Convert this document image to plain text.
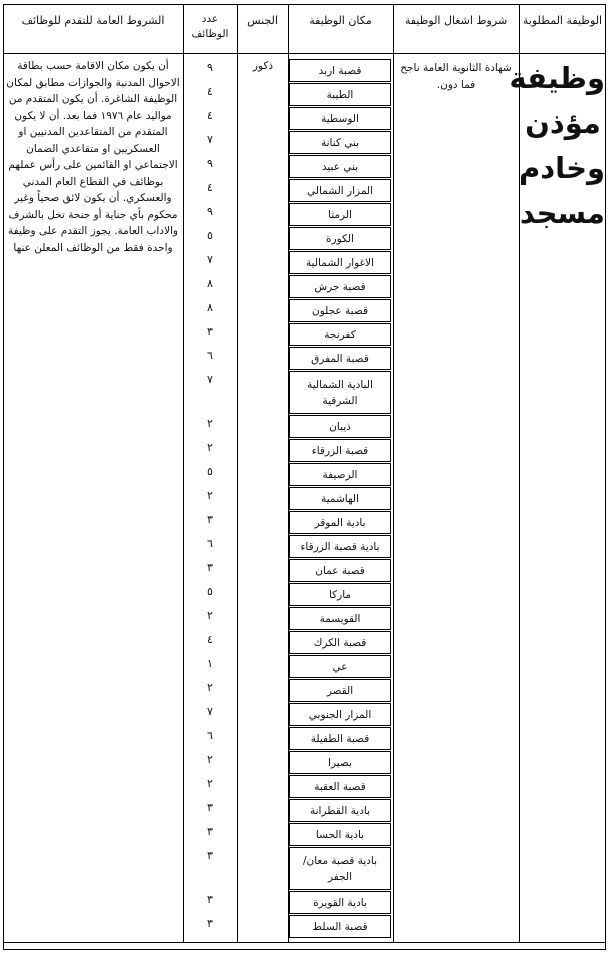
الوظيفة المطلوبة
شروط اشغال الوظيفة
مكان الوظيفة
الجنس
عدد الوظائف
الشروط العامة للتقدم للوظائف
وظيفة مؤذن وخادم مسجد
شهادة الثانوية العامة ناجح فما دون.
ذكور
أن يكون مكان الاقامة حسب بطاقة الاحوال المدنية والجوازات مطابق لمكان الوظيفة الشاغرة. أن يكون المتقدم من مواليد عام ١٩٧٦ فما بعد. أن لا يكون المتقدم من المتقاعدين المدنيين او العسكريين او متقاعدي الضمان الاجتماعي او القائمين على رأس عملهم بوظائف في القطاع العام المدني والعسكري. أن يكون لائق صحياً وغير محكوم بأي جناية أو جنحة تخل بالشرف والاداب العامة. يجوز التقدم على وظيفة واحدة فقط من الوظائف المعلن عنها
قصبة اربد
٩
الطيبة
٤
الوسطية
٤
بني كنانة
٧
بني عبيد
٩
المزار الشمالي
٤
الرمثا
٩
الكورة
٥
الاغوار الشمالية
٧
قصبة جرش
٨
قصبة عجلون
٨
كفرنجة
٣
قصبة المفرق
٦
البادية الشمالية الشرقية
٧
ذيبان
٢
قصبة الزرقاء
٢
الرصيفة
٥
الهاشمية
٢
بادية الموقر
٣
بادية قصبة الزرقاء
٦
قصبة عمان
٣
ماركا
٥
القويسمة
٢
قصبة الكرك
٤
عي
١
القصر
٢
المزار الجنوبي
٧
قصبة الطفيلة
٦
بصيرا
٢
قصبة العقبة
٢
بادية القطرانة
٣
بادية الحسا
٣
بادية قصبة معان/ الجفر
٣
بادية القويرة
٣
قصبة السلط
٣
